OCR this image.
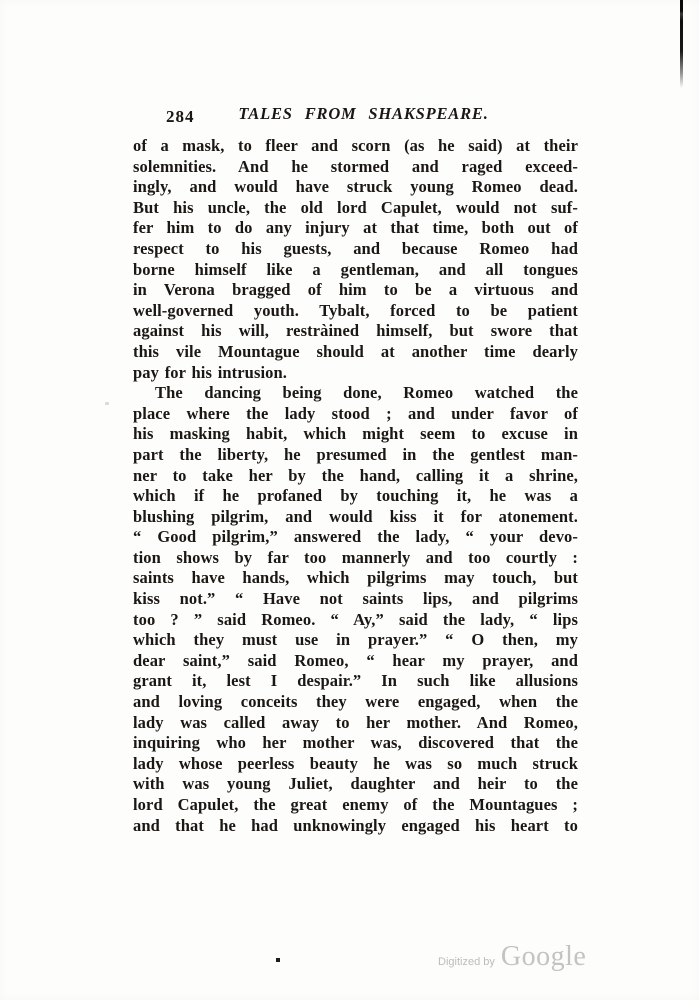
284	TALES FROM SHAKSPEARE.
of a mask, to fleer and scorn (as he said) at their
solemnities. And he stormed and raged exceed-
ingly, and would have struck young Romeo dead.
But his uncle, the old lord Capulet, would not suf-
fer him to do any injury at that time, both out of
respect to his guests, and because Romeo had
borne himself like a gentleman, and all tongues
in Verona bragged of him to be a virtuous and
well-governed youth. Tybalt, forced to be patient
against his will, restràined himself, but swore that
this vile Mountague should at another time dearly
pay for his intrusion.
The dancing being done, Romeo watched the
place where the lady stood ; and under favor of
his masking habit, which might seem to excuse in
part the liberty, he presumed in the gentlest man-
ner to take her by the hand, calling it a shrine,
which if he profaned by touching it, he was a
blushing pilgrim, and would kiss it for atonement.
“ Good pilgrim,” answered the lady, “ your devo-
tion shows by far too mannerly and too courtly :
saints have hands, which pilgrims may touch, but
kiss not.” “ Have not saints lips, and pilgrims
too ? ” said Romeo. “ Ay,” said the lady, “ lips
which they must use in prayer.” “ O then, my
dear saint,” said Romeo, “ hear my prayer, and
grant it, lest I despair.” In such like allusions
and loving conceits they were engaged, when the
lady was called away to her mother. And Romeo,
inquiring who her mother was, discovered that the
lady whose peerless beauty he was so much struck
with was young Juliet, daughter and heir to the
lord Capulet, the great enemy of the Mountagues ;
and that he had unknowingly engaged his heart to
Digitized by Google
